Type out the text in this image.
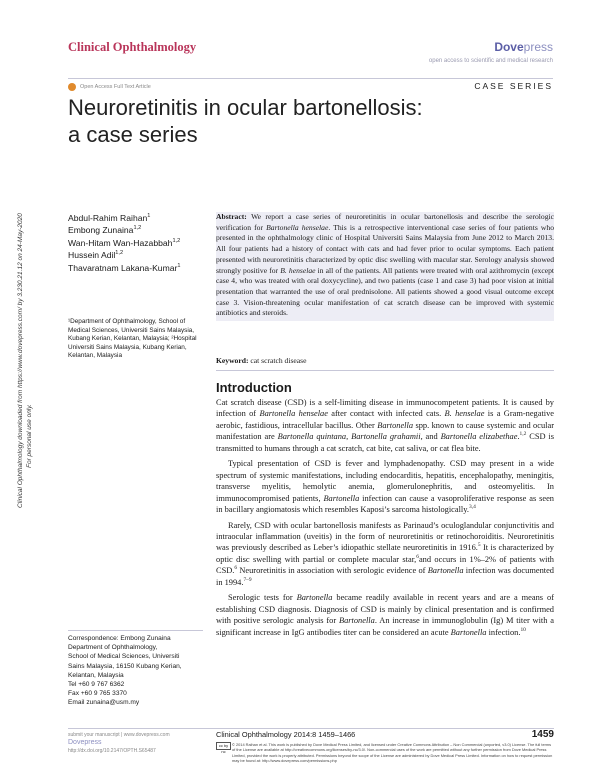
Clinical Ophthalmology	Dovepress
open access to scientific and medical research
Open Access Full Text Article	CASE SERIES
Neuroretinitis in ocular bartonellosis:
a case series
Clinical Ophthalmology downloaded from https://www.dovepress.com/ by 3.230.21.12 on 24-May-2020 For personal use only.
Abdul-Rahim Raihan$^1$
Embong Zunaina$^{1,2}$
Wan-Hitam Wan-Hazabbah$^{1,2}$
Hussein Adil$^{1,2}$
Thavaratnam Lakana-Kumar$^1$
¹Department of Ophthalmology, School of Medical Sciences, Universiti Sains Malaysia, Kubang Kerian, Kelantan, Malaysia; ²Hospital Universiti Sains Malaysia, Kubang Kerian, Kelantan, Malaysia
Abstract: We report a case series of neuroretinitis in ocular bartonellosis and describe the serologic verification for Bartonella henselae. This is a retrospective interventional case series of four patients who presented in the ophthalmology clinic of Hospital Universiti Sains Malaysia from June 2012 to March 2013. All four patients had a history of contact with cats and had fever prior to ocular symptoms. Each patient presented with neuroretinitis characterized by optic disc swelling with macular star. Serology analysis showed strongly positive for B. henselae in all of the patients. All patients were treated with oral azithromycin (except case 4, who was treated with oral doxycycline), and two patients (case 1 and case 3) had poor vision at initial presentation that warranted the use of oral prednisolone. All patients showed a good visual outcome except case 3. Vision-threatening ocular manifestation of cat scratch disease can be improved with systemic antibiotics and steroids.
Keyword: cat scratch disease
Introduction

Cat scratch disease (CSD) is a self-limiting disease in immunocompetent patients. It is caused by infection of Bartonella henselae after contact with infected cats. B. henselae is a Gram-negative aerobic, fastidious, intracellular bacillus. Other Bartonella spp. known to cause systemic and ocular manifestation are Bartonella quintana, Bartonella grahamii, and Bartonella elizabethae.$^{1,2}$ CSD is transmitted to humans through a cat scratch, cat bite, cat saliva, or cat flea bite.

Typical presentation of CSD is fever and lymphadenopathy. CSD may present in a wide spectrum of systemic manifestations, including endocarditis, hepatitis, encephalopathy, meningitis, transverse myelitis, hemolytic anemia, glomerulonephritis, and osteomyelitis. In immunocompromised patients, Bartonella infection can cause a vasoproliferative response as seen in bacillary angiomatosis which resembles Kaposi’s sarcoma histologically.$^{3,4}$

Rarely, CSD with ocular bartonellosis manifests as Parinaud’s oculoglandular conjunctivitis and intraocular inflammation (uveitis) in the form of neuroretinitis or retinochoroiditis. Neuroretinitis was previously described as Leber’s idiopathic stellate neuroretinitis in 1916.$^5$ It is characterized by optic disc swelling with partial or complete macular star,$^6$and occurs in 1%–2% of patients with CSD.$^6$ Neuroretinitis in association with serologic evidence of Bartonella infection was documented in 1994.$^{7-9}$

Serologic tests for Bartonella became readily available in recent years and are a means of establishing CSD diagnosis. Diagnosis of CSD is mainly by clinical presentation and is confirmed with positive serologic analysis for Bartonella. An increase in immunoglobulin (Ig) M titer with a significant increase in IgG antibodies titer can be considered an acute Bartonella infection.$^{10}$

Correspondence: Embong Zunaina
Department of Ophthalmology,
School of Medical Sciences, Universiti
Sains Malaysia, 16150 Kubang Kerian,
Kelantan, Malaysia
Tel +60 9 767 6362
Fax +60 9 765 3370
Email zunaina@usm.my
submit your manuscript | www.dovepress.com
Dovepress
http://dx.doi.org/10.2147/OPTH.S65487
Clinical Ophthalmology 2014:8 1459–1466	1459
cc by nc
© 2014 Raihan et al. This work is published by Dove Medical Press Limited, and licensed under Creative Commons Attribution – Non Commercial (unported, v3.0) License. The full terms of the License are available at http://creativecommons.org/licenses/by-nc/3.0/. Non-commercial uses of the work are permitted without any further permission from Dove Medical Press Limited, provided the work is properly attributed. Permissions beyond the scope of the License are administered by Dove Medical Press Limited. Information on how to request permission may be found at: http://www.dovepress.com/permissions.php
